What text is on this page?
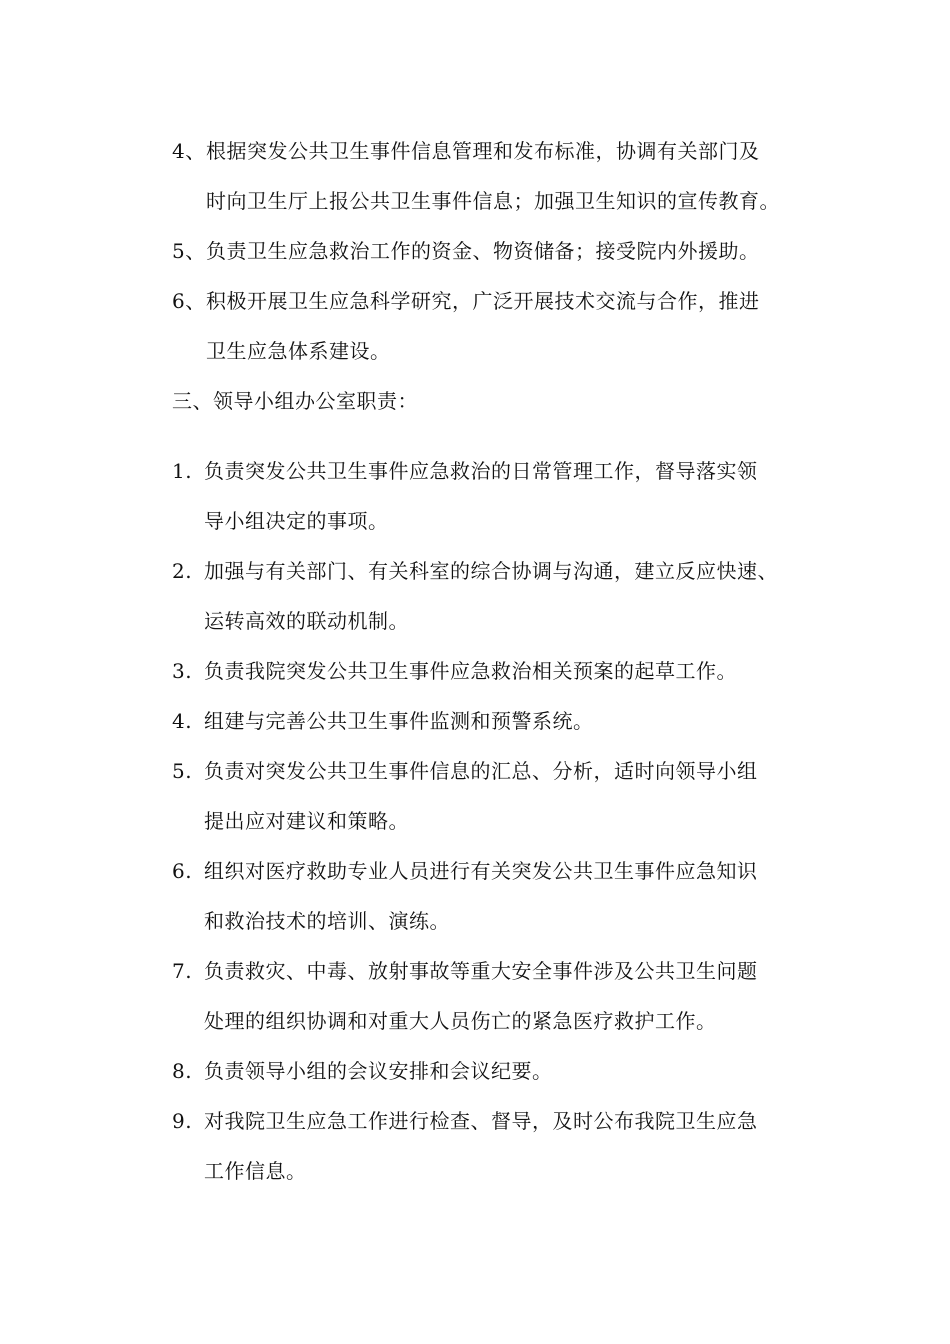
4、根据突发公共卫生事件信息管理和发布标准，协调有关部门及
时向卫生厅上报公共卫生事件信息；加强卫生知识的宣传教育。
5、负责卫生应急救治工作的资金、物资储备；接受院内外援助。
6、积极开展卫生应急科学研究，广泛开展技术交流与合作，推进
卫生应急体系建设。
三、领导小组办公室职责：
1. 负责突发公共卫生事件应急救治的日常管理工作，督导落实领
导小组决定的事项。
2. 加强与有关部门、有关科室的综合协调与沟通，建立反应快速、
运转高效的联动机制。
3. 负责我院突发公共卫生事件应急救治相关预案的起草工作。
4. 组建与完善公共卫生事件监测和预警系统。
5. 负责对突发公共卫生事件信息的汇总、分析，适时向领导小组
提出应对建议和策略。
6. 组织对医疗救助专业人员进行有关突发公共卫生事件应急知识
和救治技术的培训、演练。
7. 负责救灾、中毒、放射事故等重大安全事件涉及公共卫生问题
处理的组织协调和对重大人员伤亡的紧急医疗救护工作。
8. 负责领导小组的会议安排和会议纪要。
9. 对我院卫生应急工作进行检查、督导，及时公布我院卫生应急
工作信息。
